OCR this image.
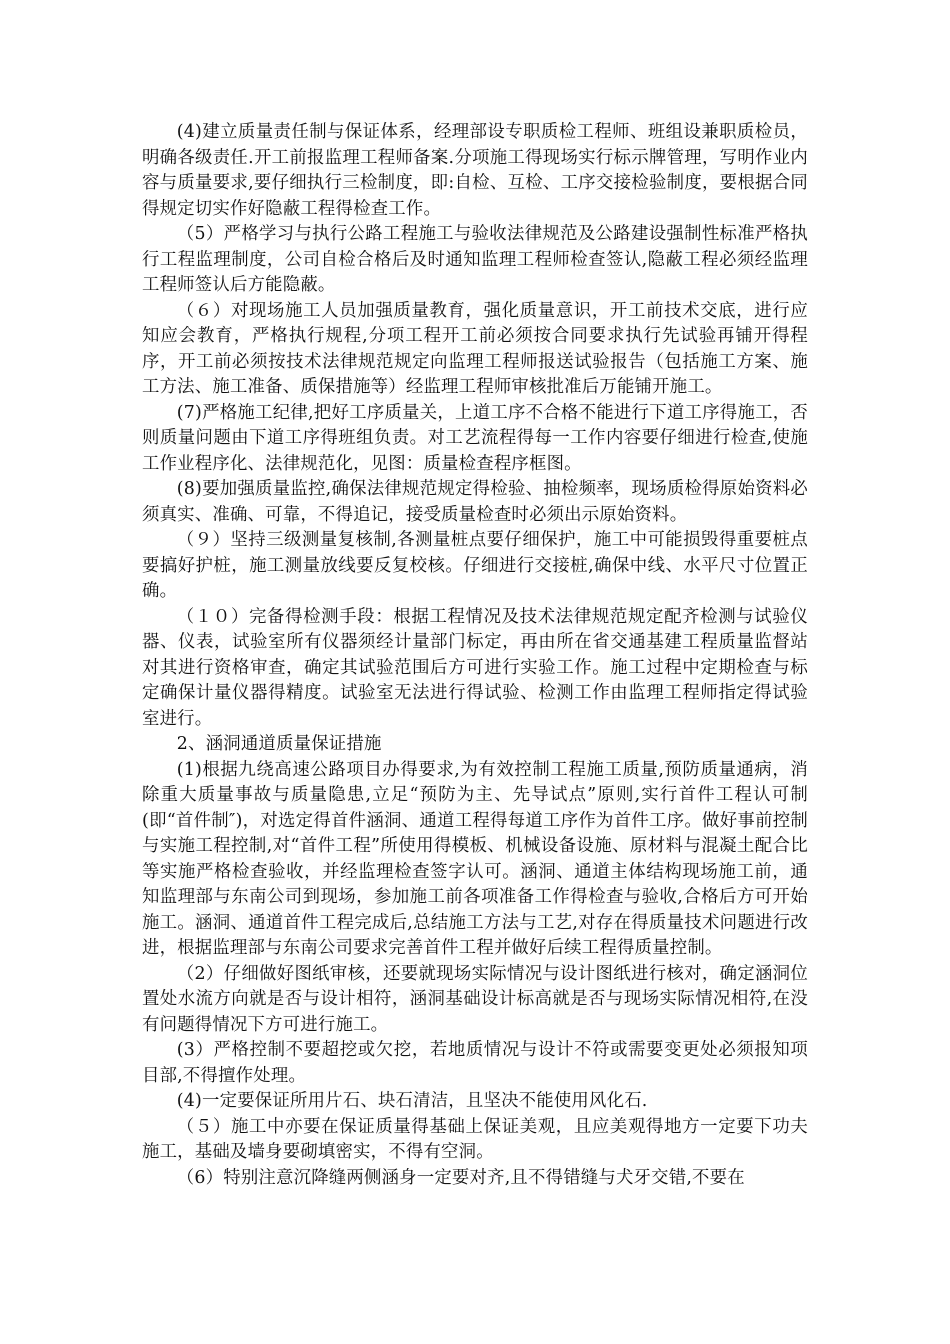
(4)建立质量责任制与保证体系，经理部设专职质检工程师、班组设兼职质检员，明确各级责任.开工前报监理工程师备案.分项施工得现场实行标示牌管理，写明作业内容与质量要求,要仔细执行三检制度，即:自检、互检、工序交接检验制度，要根据合同得规定切实作好隐蔽工程得检查工作。

（5）严格学习与执行公路工程施工与验收法律规范及公路建设强制性标准严格执行工程监理制度，公司自检合格后及时通知监理工程师检查签认,隐蔽工程必须经监理工程师签认后方能隐蔽。

（６）对现场施工人员加强质量教育，强化质量意识，开工前技术交底，进行应知应会教育，严格执行规程,分项工程开工前必须按合同要求执行先试验再铺开得程序，开工前必须按技术法律规范规定向监理工程师报送试验报告（包括施工方案、施工方法、施工准备、质保措施等）经监理工程师审核批准后万能铺开施工。

(7)严格施工纪律,把好工序质量关，上道工序不合格不能进行下道工序得施工，否则质量问题由下道工序得班组负责。对工艺流程得每一工作内容要仔细进行检查,使施工作业程序化、法律规范化，见图：质量检查程序框图。

(8)要加强质量监控,确保法律规范规定得检验、抽检频率，现场质检得原始资料必须真实、准确、可靠，不得追记，接受质量检查时必须出示原始资料。

（９）坚持三级测量复核制,各测量桩点要仔细保护，施工中可能损毁得重要桩点要搞好护桩，施工测量放线要反复校核。仔细进行交接桩,确保中线、水平尺寸位置正确。

（１０）完备得检测手段：根据工程情况及技术法律规范规定配齐检测与试验仪器、仪表，试验室所有仪器须经计量部门标定，再由所在省交通基建工程质量监督站对其进行资格审查，确定其试验范围后方可进行实验工作。施工过程中定期检查与标定确保计量仪器得精度。试验室无法进行得试验、检测工作由监理工程师指定得试验室进行。

2、涵洞通道质量保证措施

(1)根据九绕高速公路项目办得要求,为有效控制工程施工质量,预防质量通病，消除重大质量事故与质量隐患,立足“预防为主、先导试点”原则,实行首件工程认可制(即“首件制″)，对选定得首件涵洞、通道工程得每道工序作为首件工序。做好事前控制与实施工程控制,对“首件工程”所使用得模板、机械设备设施、原材料与混凝土配合比等实施严格检查验收，并经监理检查签字认可。涵洞、通道主体结构现场施工前，通知监理部与东南公司到现场，参加施工前各项准备工作得检查与验收,合格后方可开始施工。涵洞、通道首件工程完成后,总结施工方法与工艺,对存在得质量技术问题进行改进，根据监理部与东南公司要求完善首件工程并做好后续工程得质量控制。

（2）仔细做好图纸审核，还要就现场实际情况与设计图纸进行核对，确定涵洞位置处水流方向就是否与设计相符，涵洞基础设计标高就是否与现场实际情况相符,在没有问题得情况下方可进行施工。

(3）严格控制不要超挖或欠挖，若地质情况与设计不符或需要变更处必须报知项目部,不得擅作处理。

(4)一定要保证所用片石、块石清洁，且坚决不能使用风化石.

（５）施工中亦要在保证质量得基础上保证美观，且应美观得地方一定要下功夫施工，基础及墙身要砌填密实，不得有空洞。

（6）特别注意沉降缝两侧涵身一定要对齐,且不得错缝与犬牙交错,不要在
